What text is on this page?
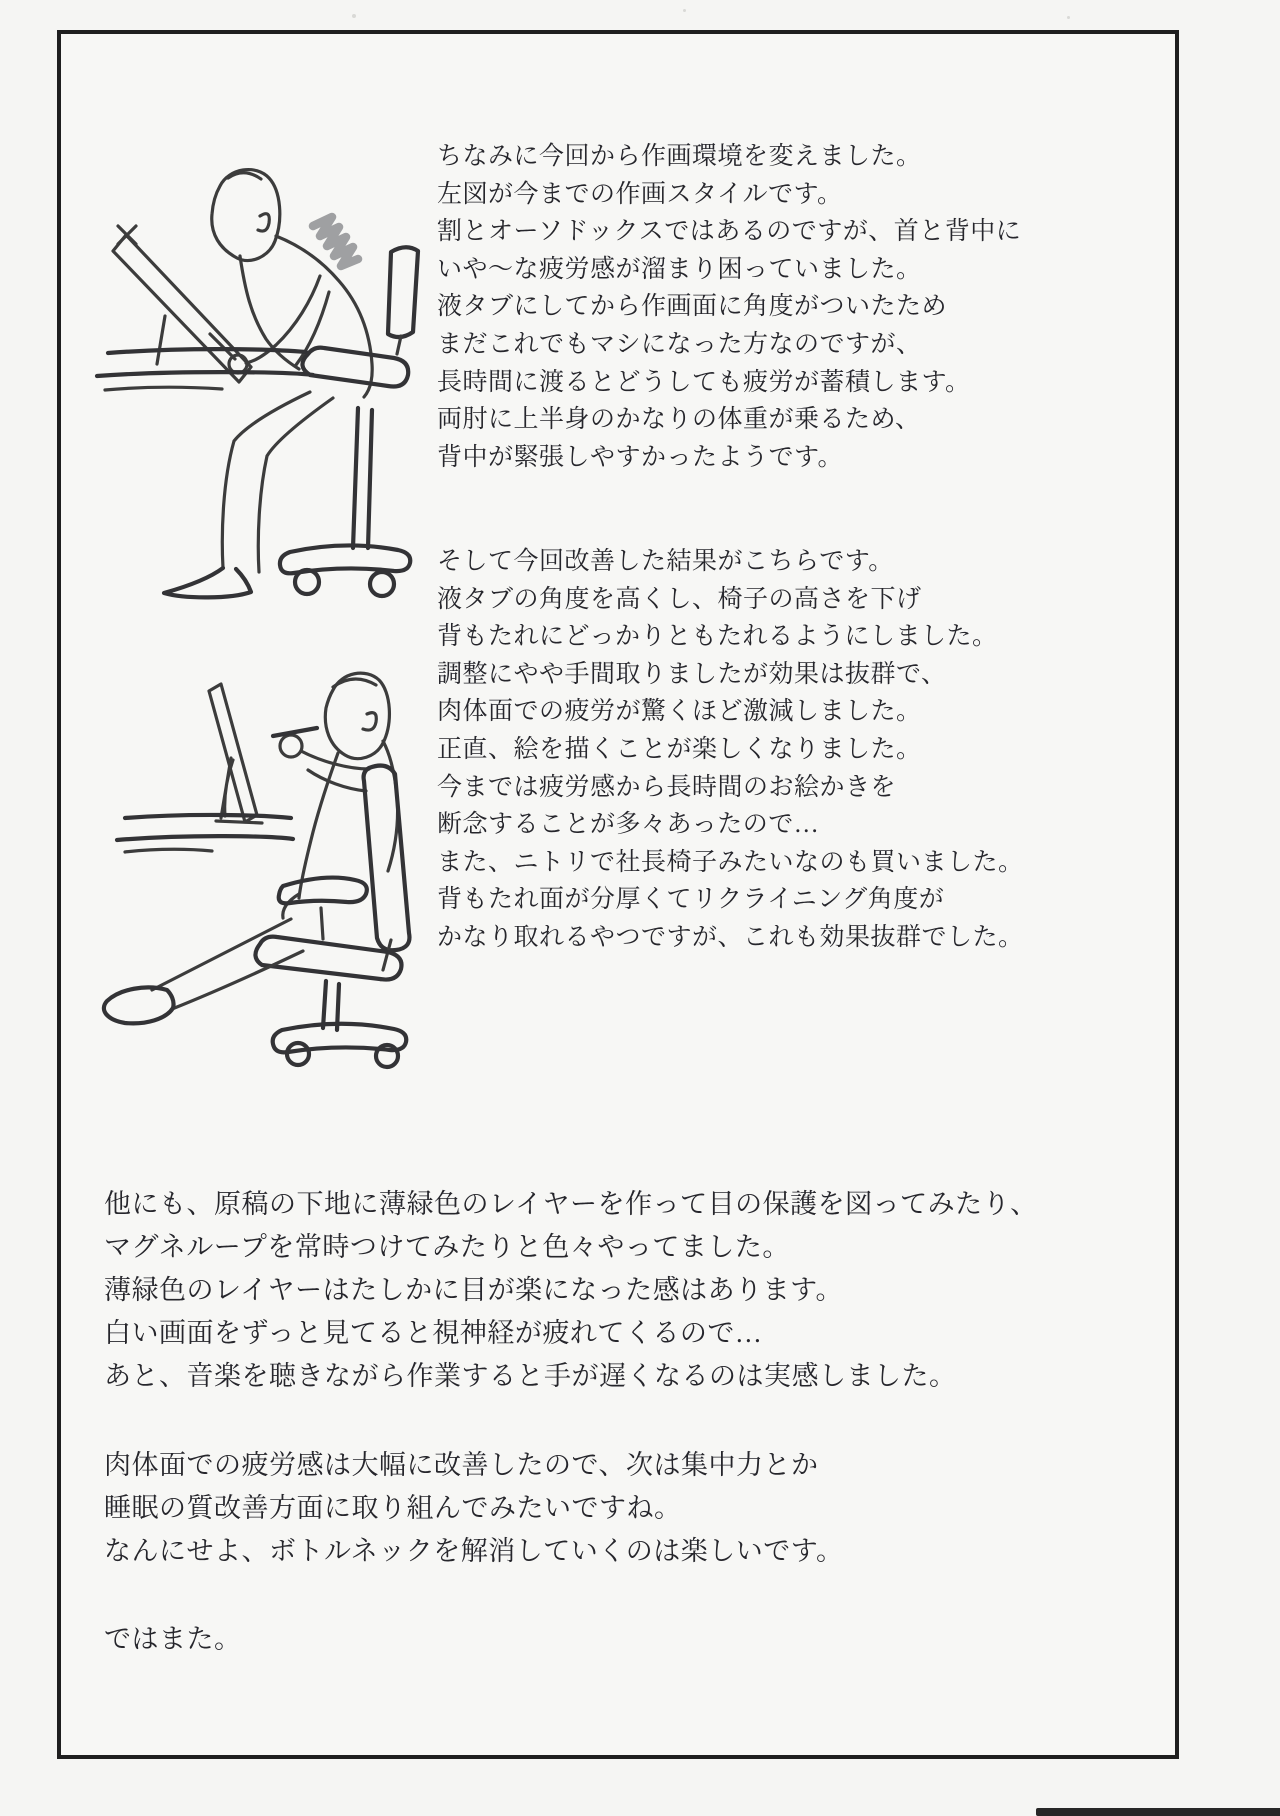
ちなみに今回から作画環境を変えました。
左図が今までの作画スタイルです。
割とオーソドックスではあるのですが、首と背中に
いや〜な疲労感が溜まり困っていました。
液タブにしてから作画面に角度がついたため
まだこれでもマシになった方なのですが、
長時間に渡るとどうしても疲労が蓄積します。
両肘に上半身のかなりの体重が乗るため、
背中が緊張しやすかったようです。
そして今回改善した結果がこちらです。
液タブの角度を高くし、椅子の高さを下げ
背もたれにどっかりともたれるようにしました。
調整にやや手間取りましたが効果は抜群で、
肉体面での疲労が驚くほど激減しました。
正直、絵を描くことが楽しくなりました。
今までは疲労感から長時間のお絵かきを
断念することが多々あったので…
また、ニトリで社長椅子みたいなのも買いました。
背もたれ面が分厚くてリクライニング角度が
かなり取れるやつですが、これも効果抜群でした。
他にも、原稿の下地に薄緑色のレイヤーを作って目の保護を図ってみたり、
マグネループを常時つけてみたりと色々やってました。
薄緑色のレイヤーはたしかに目が楽になった感はあります。
白い画面をずっと見てると視神経が疲れてくるので…
あと、音楽を聴きながら作業すると手が遅くなるのは実感しました。
肉体面での疲労感は大幅に改善したので、次は集中力とか
睡眠の質改善方面に取り組んでみたいですね。
なんにせよ、ボトルネックを解消していくのは楽しいです。
ではまた。
